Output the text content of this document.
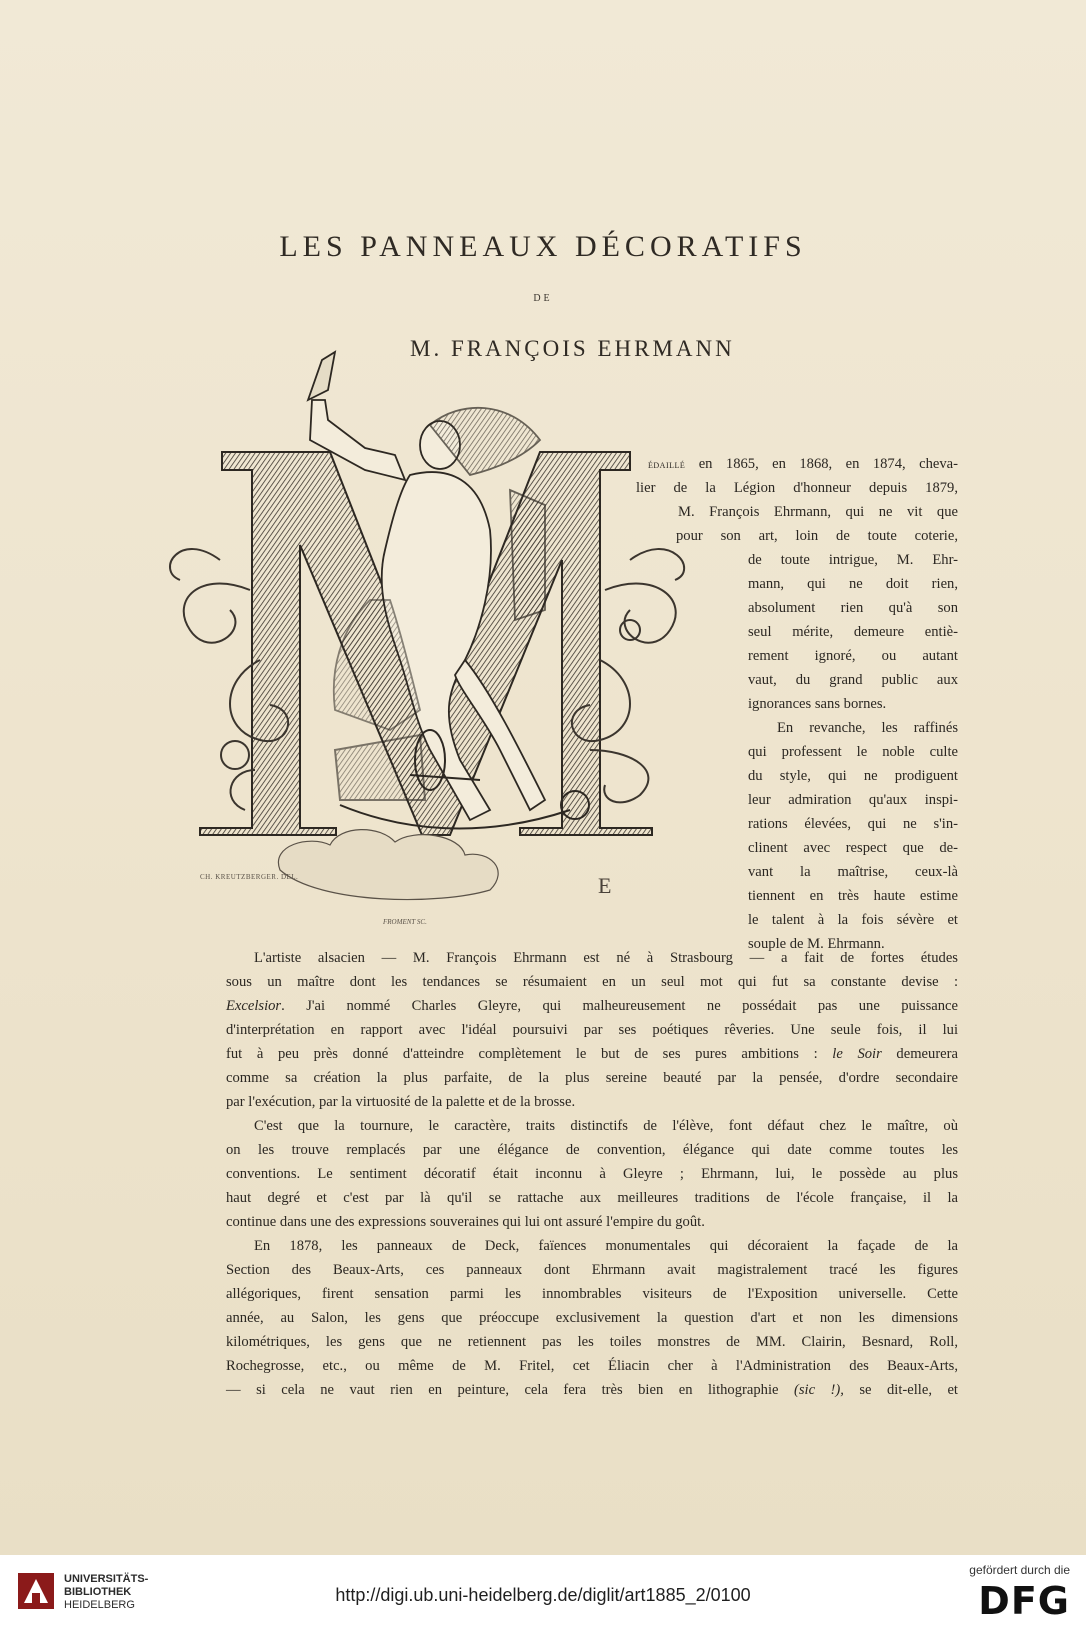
LES PANNEAUX DÉCORATIFS
DE
M. FRANÇOIS EHRMANN
CH. KREUTZBERGER. DEL.
FROMENT SC.
E

édaillé en 1865, en 1868, en 1874, cheva-

lier de la Légion d'honneur depuis 1879,

M. François Ehrmann, qui ne vit que

pour son art, loin de toute coterie,

de toute intrigue, M. Ehr-

mann, qui ne doit rien,

absolument rien qu'à son

seul mérite, demeure entiè-

rement ignoré, ou autant

vaut, du grand public aux

ignorances sans bornes.

En revanche, les raffinés

qui professent le noble culte

du style, qui ne prodiguent

leur admiration qu'aux inspi-

rations élevées, qui ne s'in-

clinent avec respect que de-

vant la maîtrise, ceux-là

tiennent en très haute estime

le talent à la fois sévère et

souple de M. Ehrmann.

L'artiste alsacien — M. François Ehrmann est né à Strasbourg — a fait de fortes études

sous un maître dont les tendances se résumaient en un seul mot qui fut sa constante devise :

Excelsior. J'ai nommé Charles Gleyre, qui malheureusement ne possédait pas une puissance

d'interprétation en rapport avec l'idéal poursuivi par ses poétiques rêveries. Une seule fois, il lui

fut à peu près donné d'atteindre complètement le but de ses pures ambitions : le Soir demeurera

comme sa création la plus parfaite, de la plus sereine beauté par la pensée, d'ordre secondaire

par l'exécution, par la virtuosité de la palette et de la brosse.

C'est que la tournure, le caractère, traits distinctifs de l'élève, font défaut chez le maître, où

on les trouve remplacés par une élégance de convention, élégance qui date comme toutes les

conventions. Le sentiment décoratif était inconnu à Gleyre ; Ehrmann, lui, le possède au plus

haut degré et c'est par là qu'il se rattache aux meilleures traditions de l'école française, il la

continue dans une des expressions souveraines qui lui ont assuré l'empire du goût.

En 1878, les panneaux de Deck, faïences monumentales qui décoraient la façade de la

Section des Beaux-Arts, ces panneaux dont Ehrmann avait magistralement tracé les figures

allégoriques, firent sensation parmi les innombrables visiteurs de l'Exposition universelle. Cette

année, au Salon, les gens que préoccupe exclusivement la question d'art et non les dimensions

kilométriques, les gens que ne retiennent pas les toiles monstres de MM. Clairin, Besnard, Roll,

Rochegrosse, etc., ou même de M. Fritel, cet Éliacin cher à l'Administration des Beaux-Arts,

— si cela ne vaut rien en peinture, cela fera très bien en lithographie (sic !), se dit-elle, et

UNIVERSITÄTS-
BIBLIOTHEK
HEIDELBERG	http://digi.ub.uni-heidelberg.de/diglit/art1885_2/0100
gefördert durch die
DFG
